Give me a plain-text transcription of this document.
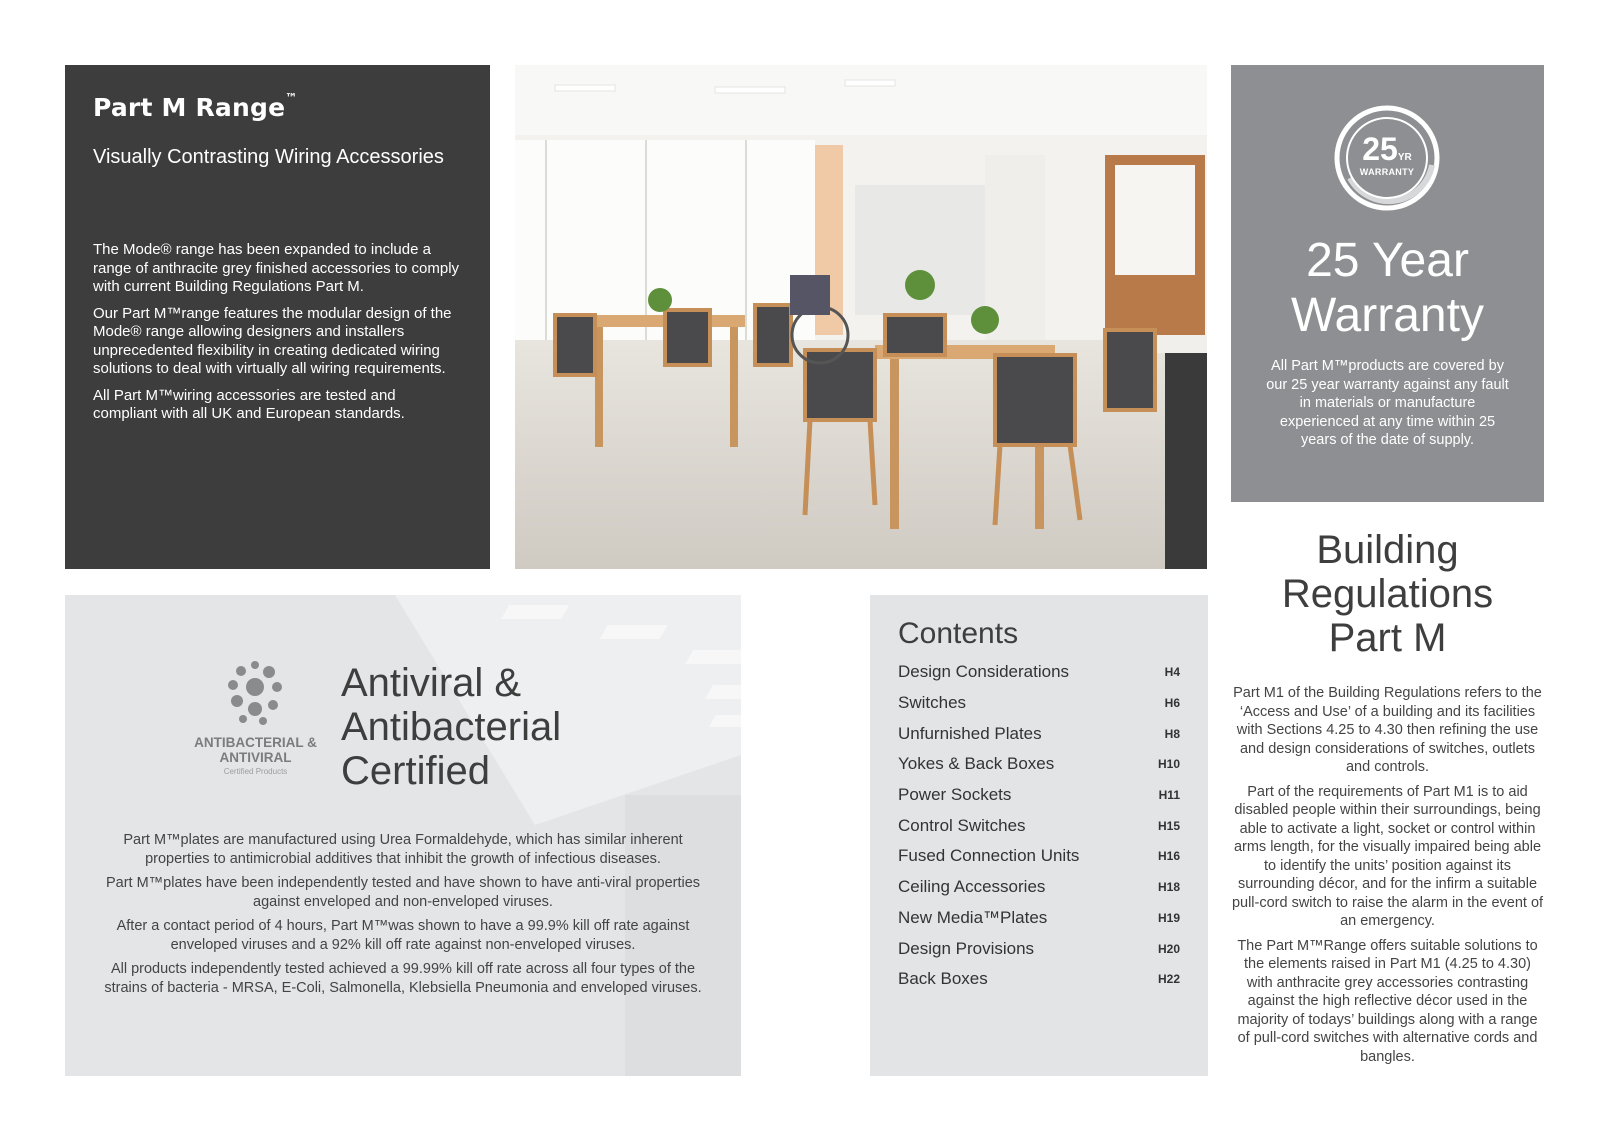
Part M Range™
Visually Contrasting Wiring Accessories

The Mode® range has been expanded to include a range of anthracite grey finished accessories to comply with current Building Regulations Part M.

Our Part M™range features the modular design of the Mode® range allowing designers and installers unprecedented flexibility in creating dedicated wiring solutions to deal with virtually all wiring requirements.

All Part M™wiring accessories are tested and compliant with all UK and European standards.

25YR
WARRANTY
25 Year Warranty
All Part M™products are covered by our 25 year warranty against any fault in materials or manufacture experienced at any time within 25 years of the date of supply.
ANTIBACTERIAL & ANTIVIRAL
Certified Products
Antiviral & Antibacterial Certified

Part M™plates are manufactured using Urea Formaldehyde, which has similar inherent properties to antimicrobial additives that inhibit the growth of infectious diseases.

Part M™plates have been independently tested and have shown to have anti-viral properties against enveloped and non-enveloped viruses.

After a contact period of 4 hours, Part M™was shown to have a 99.9% kill off rate against enveloped viruses and a 92% kill off rate against non-enveloped viruses.

All products independently tested achieved a 99.99% kill off rate across all four types of the strains of bacteria - MRSA, E-Coli, Salmonella, Klebsiella Pneumonia and enveloped viruses.

Contents
Design Considerations	H4
Switches	H6
Unfurnished Plates	H8
Yokes & Back Boxes	H10
Power Sockets	H11
Control Switches	H15
Fused Connection Units	H16
Ceiling Accessories	H18
New Media™Plates	H19
Design Provisions	H20
Back Boxes	H22
Building Regulations Part M

Part M1 of the Building Regulations refers to the ‘Access and Use’ of a building and its facilities with Sections 4.25 to 4.30 then refining the use and design considerations of switches, outlets and controls.

Part of the requirements of Part M1 is to aid disabled people within their surroundings, being able to activate a light, socket or control within arms length, for the visually impaired being able to identify the units’ position against its surrounding décor, and for the infirm a suitable pull-cord switch to raise the alarm in the event of an emergency.

The Part M™Range offers suitable solutions to the elements raised in Part M1 (4.25 to 4.30) with anthracite grey accessories contrasting against the high reflective décor used in the majority of todays’ buildings along with a range of pull-cord switches with alternative cords and bangles.
